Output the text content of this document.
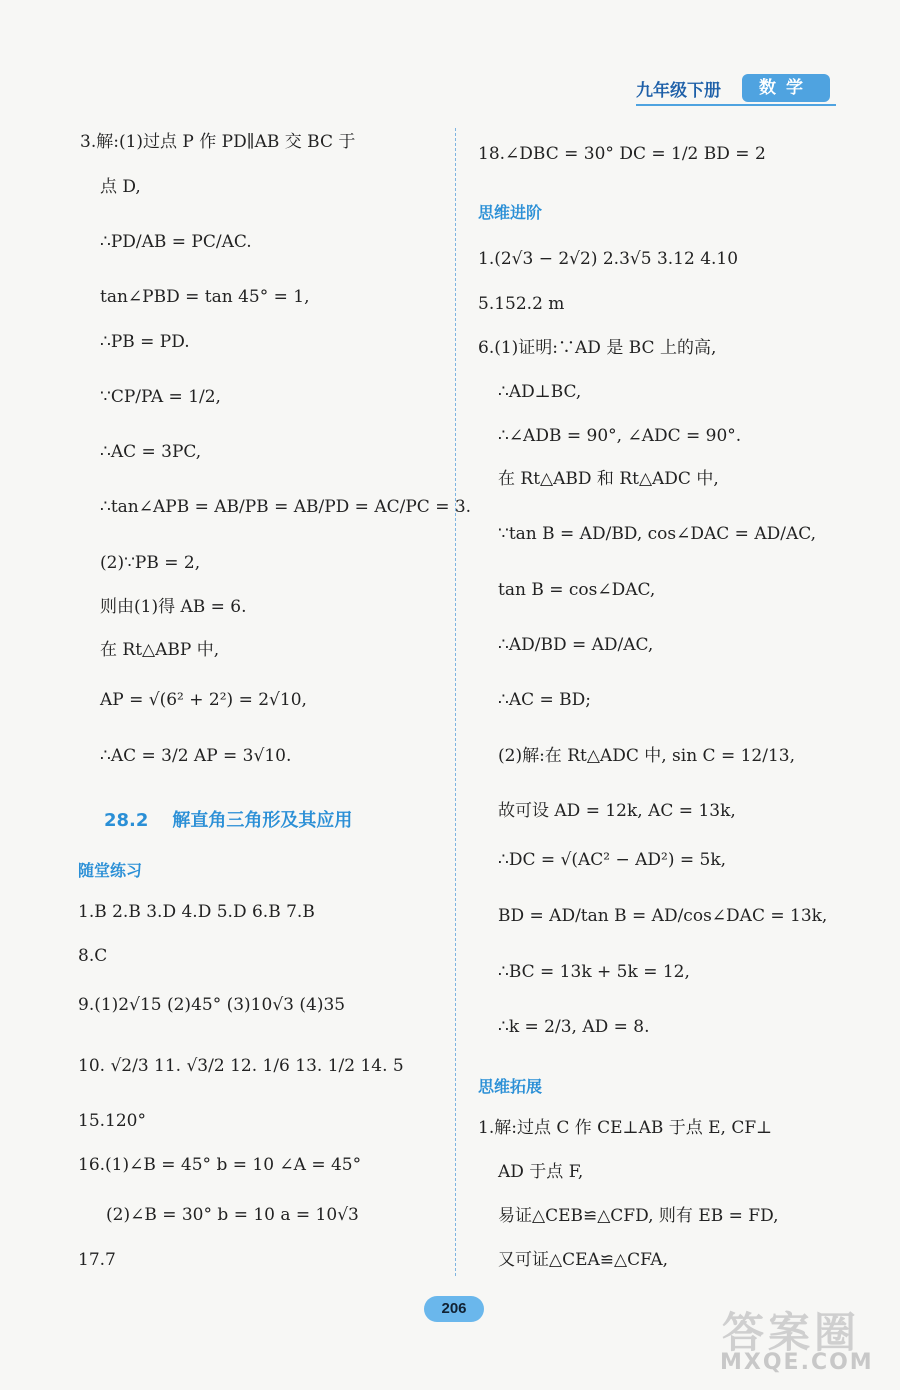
九年级下册	数学
3.解:(1)过点 P 作 PD∥AB 交 BC 于
点 D,
∴PD/AB = PC/AC.
tan∠PBD = tan 45° = 1,
∴PB = PD.
∵CP/PA = 1/2,
∴AC = 3PC,
∴tan∠APB = AB/PB = AB/PD = AC/PC = 3.
(2)∵PB = 2,
则由(1)得 AB = 6.
在 Rt△ABP 中,
AP = √(6² + 2²) = 2√10,
∴AC = 3/2 AP = 3√10.
28.2 解直角三角形及其应用
随堂练习
1.B 2.B 3.D 4.D 5.D 6.B 7.B
8.C
9.(1)2√15 (2)45° (3)10√3 (4)35
10. √2/3 11. √3/2 12. 1/6 13. 1/2 14. 5
15.120°
16.(1)∠B = 45° b = 10 ∠A = 45°
(2)∠B = 30° b = 10 a = 10√3
17.7
18.∠DBC = 30° DC = 1/2 BD = 2
思维进阶
1.(2√3 − 2√2) 2.3√5 3.12 4.10
5.152.2 m
6.(1)证明:∵AD 是 BC 上的高,
∴AD⊥BC,
∴∠ADB = 90°, ∠ADC = 90°.
在 Rt△ABD 和 Rt△ADC 中,
∵tan B = AD/BD, cos∠DAC = AD/AC,
tan B = cos∠DAC,
∴AD/BD = AD/AC,
∴AC = BD;
(2)解:在 Rt△ADC 中, sin C = 12/13,
故可设 AD = 12k, AC = 13k,
∴DC = √(AC² − AD²) = 5k,
BD = AD/tan B = AD/cos∠DAC = 13k,
∴BC = 13k + 5k = 12,
∴k = 2/3, AD = 8.
思维拓展
1.解:过点 C 作 CE⊥AB 于点 E, CF⊥
AD 于点 F,
易证△CEB≌△CFD, 则有 EB = FD,
又可证△CEA≌△CFA,
206	答案圈
MXQE.COM
